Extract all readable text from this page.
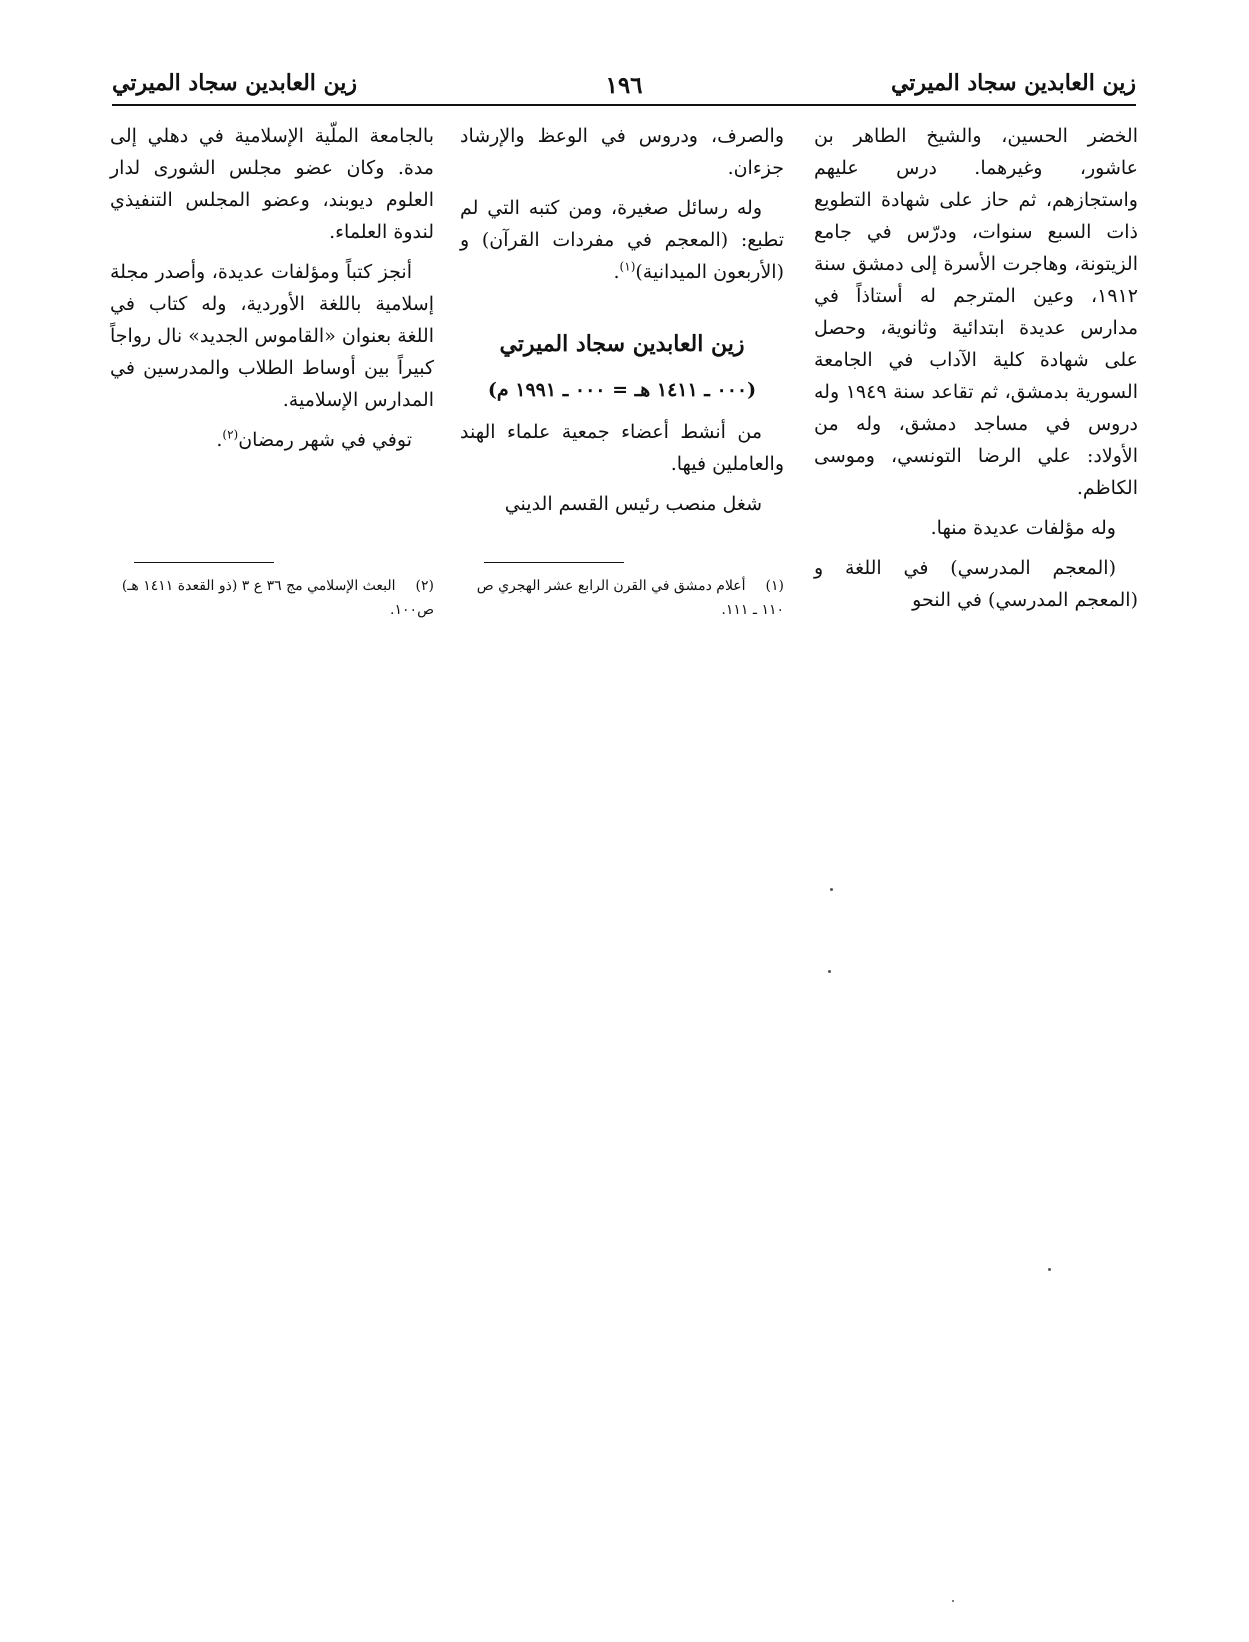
زين العابدين سجاد الميرتي
١٩٦
زين العابدين سجاد الميرتي

الخضر الحسين، والشيخ الطاهر بن عاشور، وغيرهما. درس عليهم واستجازهم، ثم حاز على شهادة التطويع ذات السبع سنوات، ودرّس في جامع الزيتونة، وهاجرت الأسرة إلى دمشق سنة ١٩١٢، وعين المترجم له أستاذاً في مدارس عديدة ابتدائية وثانوية، وحصل على شهادة كلية الآداب في الجامعة السورية بدمشق، ثم تقاعد سنة ١٩٤٩ وله دروس في مساجد دمشق، وله من الأولاد: علي الرضا التونسي، وموسى الكاظم.

وله مؤلفات عديدة منها.

(المعجم المدرسي) في اللغة و (المعجم المدرسي) في النحو

والصرف، ودروس في الوعظ والإرشاد جزءان.

وله رسائل صغيرة، ومن كتبه التي لم تطبع: (المعجم في مفردات القرآن) و (الأربعون الميدانية)$^{(١)}$.

زين العابدين سجاد الميرتي
(٠٠٠ ـ ١٤١١ هـ = ٠٠٠ ـ ١٩٩١ م)

من أنشط أعضاء جمعية علماء الهند والعاملين فيها.

شغل منصب رئيس القسم الديني

بالجامعة الملّية الإسلامية في دهلي إلى مدة. وكان عضو مجلس الشورى لدار العلوم ديوبند، وعضو المجلس التنفيذي لندوة العلماء.

أنجز كتباً ومؤلفات عديدة، وأصدر مجلة إسلامية باللغة الأوردية، وله كتاب في اللغة بعنوان «القاموس الجديد» نال رواجاً كبيراً بين أوساط الطلاب والمدرسين في المدارس الإسلامية.

توفي في شهر رمضان$^{(٢)}$.

(١) أعلام دمشق في القرن الرابع عشر الهجري ص ١١٠ ـ ١١١.
(٢) البعث الإسلامي مج ٣٦ ع ٣ (ذو القعدة ١٤١١ هـ) ص١٠٠.
